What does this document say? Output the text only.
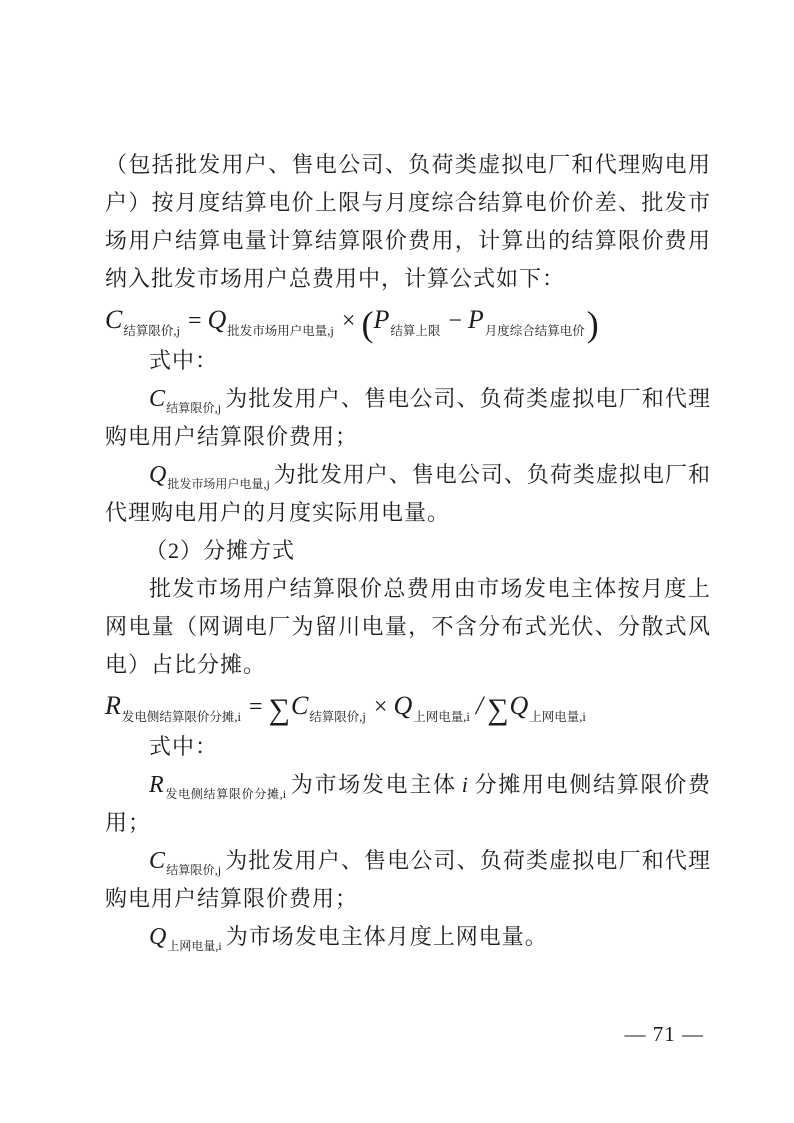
（包括批发用户、售电公司、负荷类虚拟电厂和代理购电用户）按月度结算电价上限与月度综合结算电价价差、批发市场用户结算电量计算结算限价费用，计算出的结算限价费用纳入批发市场用户总费用中，计算公式如下：

$C_{结算限价,j} = Q_{批发市场用户电量,j} \times (P_{结算上限} - P_{月度综合结算电价})$

式中：

$C_{结算限价,j}$ 为批发用户、售电公司、负荷类虚拟电厂和代理购电用户结算限价费用；

$Q_{批发市场用户电量,j}$ 为批发用户、售电公司、负荷类虚拟电厂和代理购电用户的月度实际用电量。

（2）分摊方式

批发市场用户结算限价总费用由市场发电主体按月度上网电量（网调电厂为留川电量，不含分布式光伏、分散式风电）占比分摊。

$R_{发电侧结算限价分摊,i} = \sum C_{结算限价,j} \times Q_{上网电量,i} / \sum Q_{上网电量,i}$

式中：

$R_{发电侧结算限价分摊,i}$ 为市场发电主体 i 分摊用电侧结算限价费用；

$C_{结算限价,j}$ 为批发用户、售电公司、负荷类虚拟电厂和代理购电用户结算限价费用；

$Q_{上网电量,i}$ 为市场发电主体月度上网电量。

— 71 —
